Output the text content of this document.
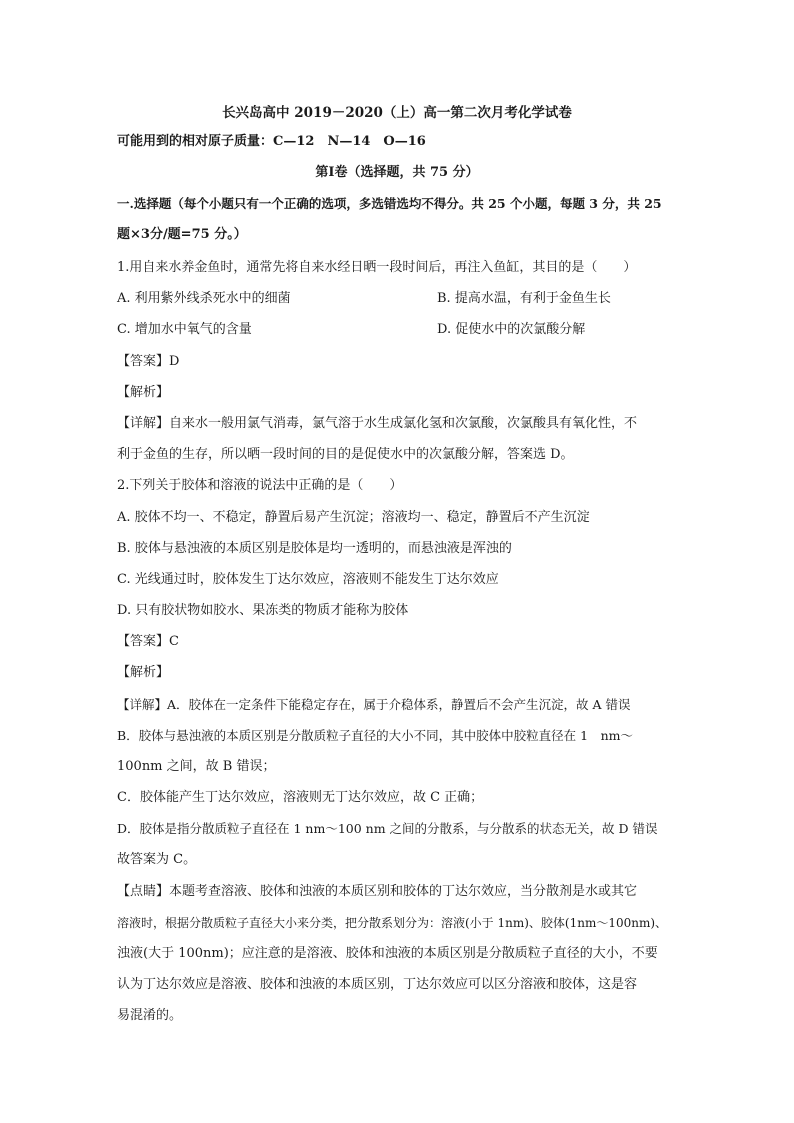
长兴岛高中 2019－2020（上）高一第二次月考化学试卷
可能用到的相对原子质量：C—12　N—14　O—16
第Ⅰ卷（选择题，共 75 分）
一.选择题（每个小题只有一个正确的选项，多选错选均不得分。共 25 个小题，每题 3 分，共 25
题×3分/题=75 分。）
1.用自来水养金鱼时，通常先将自来水经日晒一段时间后，再注入鱼缸，其目的是（　　）
A. 利用紫外线杀死水中的细菌	B. 提高水温，有利于金鱼生长
C. 增加水中氧气的含量	D. 促使水中的次氯酸分解
【答案】D
【解析】
【详解】自来水一般用氯气消毒，氯气溶于水生成氯化氢和次氯酸，次氯酸具有氧化性，不
利于金鱼的生存，所以晒一段时间的目的是促使水中的次氯酸分解，答案选 D。
2.下列关于胶体和溶液的说法中正确的是（　　）
A. 胶体不均一、不稳定，静置后易产生沉淀；溶液均一、稳定，静置后不产生沉淀
B. 胶体与悬浊液的本质区别是胶体是均一透明的，而悬浊液是浑浊的
C. 光线通过时，胶体发生丁达尔效应，溶液则不能发生丁达尔效应
D. 只有胶状物如胶水、果冻类的物质才能称为胶体
【答案】C
【解析】
【详解】A．胶体在一定条件下能稳定存在，属于介稳体系，静置后不会产生沉淀，故 A 错误
B．胶体与悬浊液的本质区别是分散质粒子直径的大小不同，其中胶体中胶粒直径在 1　nm～
100nm 之间，故 B 错误；
C．胶体能产生丁达尔效应，溶液则无丁达尔效应，故 C 正确；
D．胶体是指分散质粒子直径在 1 nm～100 nm 之间的分散系，与分散系的状态无关，故 D 错误
故答案为 C。
【点睛】本题考查溶液、胶体和浊液的本质区别和胶体的丁达尔效应，当分散剂是水或其它
溶液时，根据分散质粒子直径大小来分类，把分散系划分为：溶液(小于 1nm)、胶体(1nm～100nm)、
浊液(大于 100nm)；应注意的是溶液、胶体和浊液的本质区别是分散质粒子直径的大小，不要
认为丁达尔效应是溶液、胶体和浊液的本质区别，丁达尔效应可以区分溶液和胶体，这是容
易混淆的。
